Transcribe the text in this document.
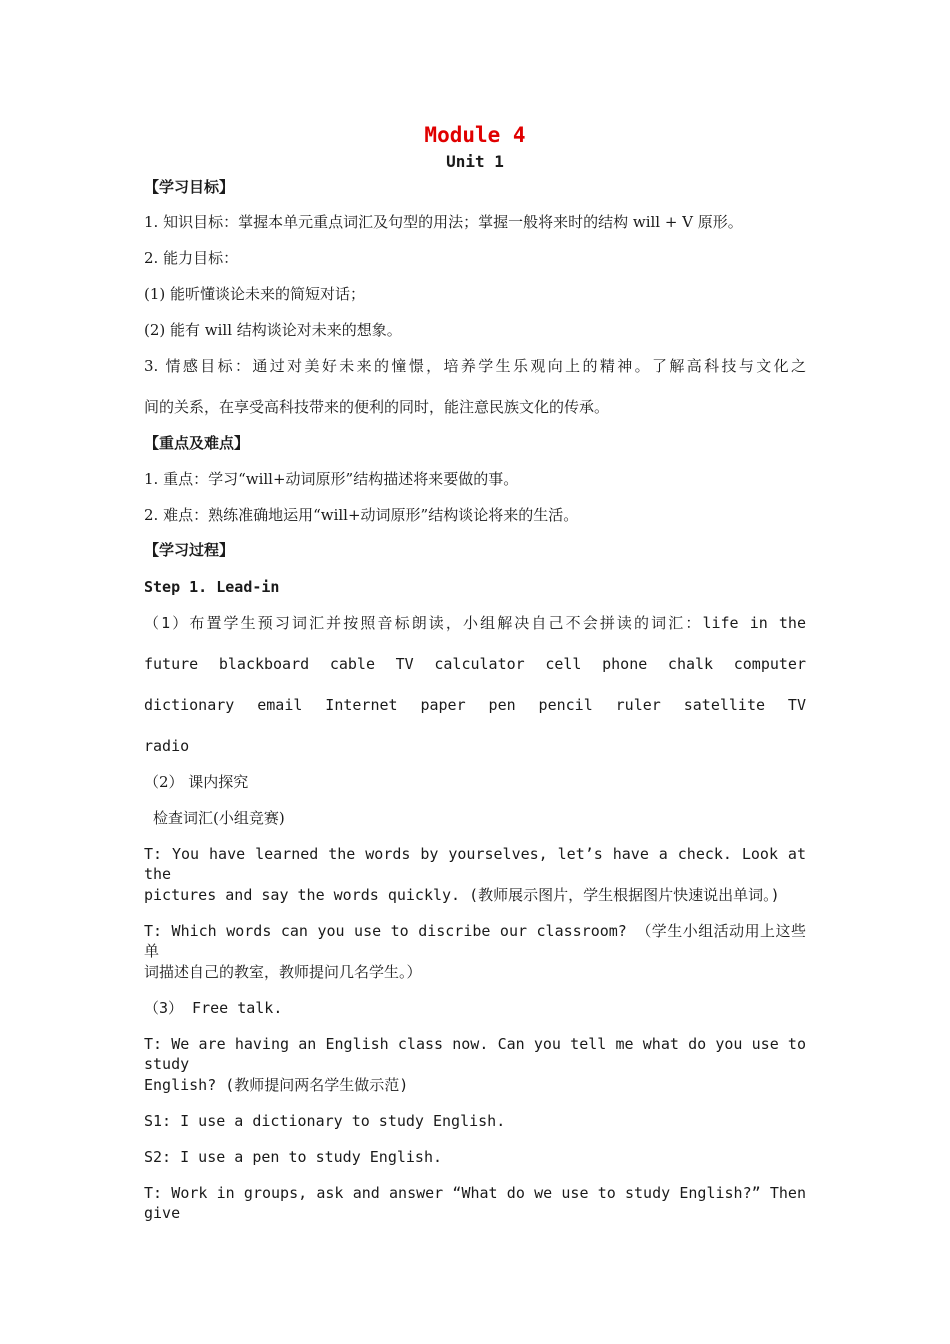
Module 4
Unit 1
【学习目标】
1. 知识目标：掌握本单元重点词汇及句型的用法；掌握一般将来时的结构 will + V 原形。
2. 能力目标：
(1) 能听懂谈论未来的简短对话；
(2) 能有 will 结构谈论对未来的想象。
3. 情感目标：通过对美好未来的憧憬，培养学生乐观向上的精神。了解高科技与文化之
间的关系，在享受高科技带来的便利的同时，能注意民族文化的传承。
【重点及难点】
1. 重点：学习“will+动词原形”结构描述将来要做的事。
2. 难点：熟练准确地运用“will+动词原形”结构谈论将来的生活。
【学习过程】
Step 1. Lead-in
（1）布置学生预习词汇并按照音标朗读，小组解决自己不会拼读的词汇：life in the
future blackboard cable TV calculator cell phone chalk computer
dictionary email Internet paper pen pencil ruler satellite TV
radio
（2） 课内探究
检查词汇(小组竞赛)
T: You have learned the words by yourselves, let’s have a check. Look at the
pictures and say the words quickly. (教师展示图片，学生根据图片快速说出单词。)
T: Which words can you use to discribe our classroom? （学生小组活动用上这些单
词描述自己的教室，教师提问几名学生。）
（3） Free talk.
T: We are having an English class now. Can you tell me what do you use to study
English? (教师提问两名学生做示范)
S1: I use a dictionary to study English.
S2: I use a pen to study English.
T: Work in groups, ask and answer “What do we use to study English?” Then give
